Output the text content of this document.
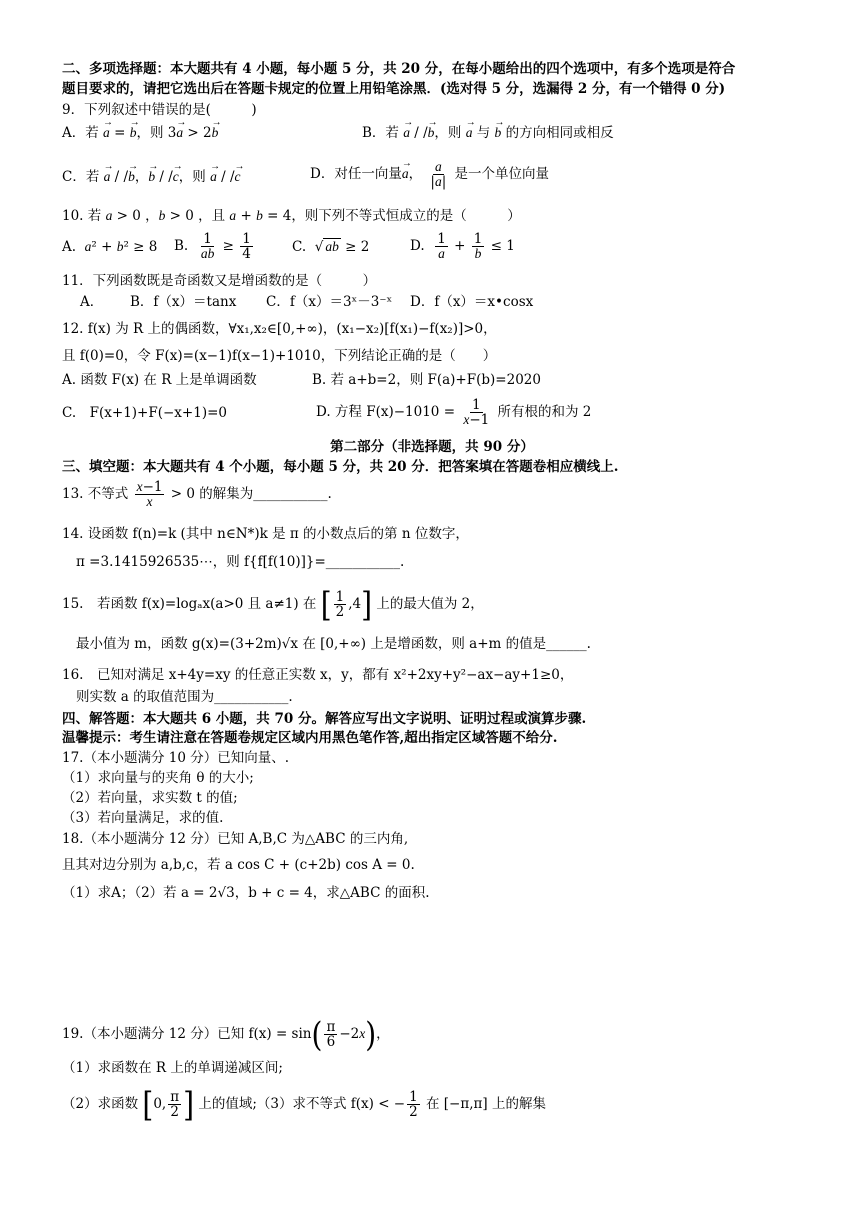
二、多项选择题：本大题共有 4 小题，每小题 5 分，共 20 分，在每小题给出的四个选项中，有多个选项是符合
题目要求的，请把它选出后在答题卡规定的位置上用铅笔涂黑．(选对得 5 分，选漏得 2 分，有一个错得 0 分)
9．下列叙述中错误的是(　　　)
A．若 → a = → b，则 3→ a > 2→ b	B．若 → a / /→ b，则 → a 与 → b 的方向相同或相反
C．若 → a / /→ b，→ b / /→ c，则 → a / /→ c	D．对任一向量→ a， $\frac{a}{|a|}$ 是一个单位向量
10. 若 a > 0 ，b > 0 ，且 a + b = 4，则下列不等式恒成立的是（　　　）
A. a² + b² ≥ 8 B. $\frac{1}{ab} \ge \frac{1}{4}$	C.  √ ab ≥ 2	D. $\frac{1}{a} + \frac{1}{b} \le 1$
11．下列函数既是奇函数又是增函数的是（　　　）
A． B．f（x）＝tanx C．f（x）＝3ˣ－3⁻ˣ D．f（x）＝x•cosx
12. f(x) 为 R 上的偶函数，∀x₁,x₂∈[0,+∞)，(x₁−x₂)[f(x₁)−f(x₂)]>0，
且 f(0)=0，令 F(x)=(x−1)f(x−1)+1010，下列结论正确的是（　　）
A. 函数 F(x) 在 R 上是单调函数	B. 若 a+b=2，则 F(a)+F(b)=2020
C.　F(x+1)+F(−x+1)=0	D. 方程 $F(x)-1010 = \frac{1}{x-1}$ 所有根的和为 2
第二部分（非选择题，共 90 分）
三、填空题：本大题共有 4 个小题，每小题 5 分，共 20 分．把答案填在答题卷相应横线上.
13. 不等式 $\frac{x-1}{x} > 0$ 的解集为___________.
14. 设函数 f(n)=k (其中 n∈N*)k 是 π 的小数点后的第 n 位数字，
π =3.1415926535⋯，则 f{f[f(10)]}=___________.
15.　若函数 f(x)=logₐx(a>0 且 a≠1) 在 [ $\frac{1}{2} ,4$] 上的最大值为 2，
最小值为 m，函数 g(x)=(3+2m)√x 在 [0,+∞) 上是增函数，则 a+m 的值是______.
16.　已知对满足 x+4y=xy 的任意正实数 x，y，都有 x²+2xy+y²−ax−ay+1≥0，
则实数 a 的取值范围为___________.
四、解答题：本大题共 6 小题，共 70 分。解答应写出文字说明、证明过程或演算步骤.
温馨提示：考生请注意在答题卷规定区域内用黑色笔作答,超出指定区域答题不给分.
17.（本小题满分 10 分）已知向量、.
（1）求向量与的夹角 θ 的大小;
（2）若向量，求实数 t 的值;
（3）若向量满足，求的值.
18.（本小题满分 12 分）已知 A,B,C 为△ABC 的三内角,
且其对边分别为 a,b,c，若 a cos C + (c+2b) cos A = 0.
（1）求A；（2）若 a = 2√3，b + c = 4，求△ABC 的面积.
19.（本小题满分 12 分）已知 $f(x) = \sin( \frac{\pi}{6} -2x)$，
（1）求函数在 R 上的单调递减区间;
（2）求函数 [0, $\frac{\pi}{2}$ ] 上的值域;（3）求不等式 f(x) < − $\frac{1}{2}$ 在 [−π,π] 上的解集
